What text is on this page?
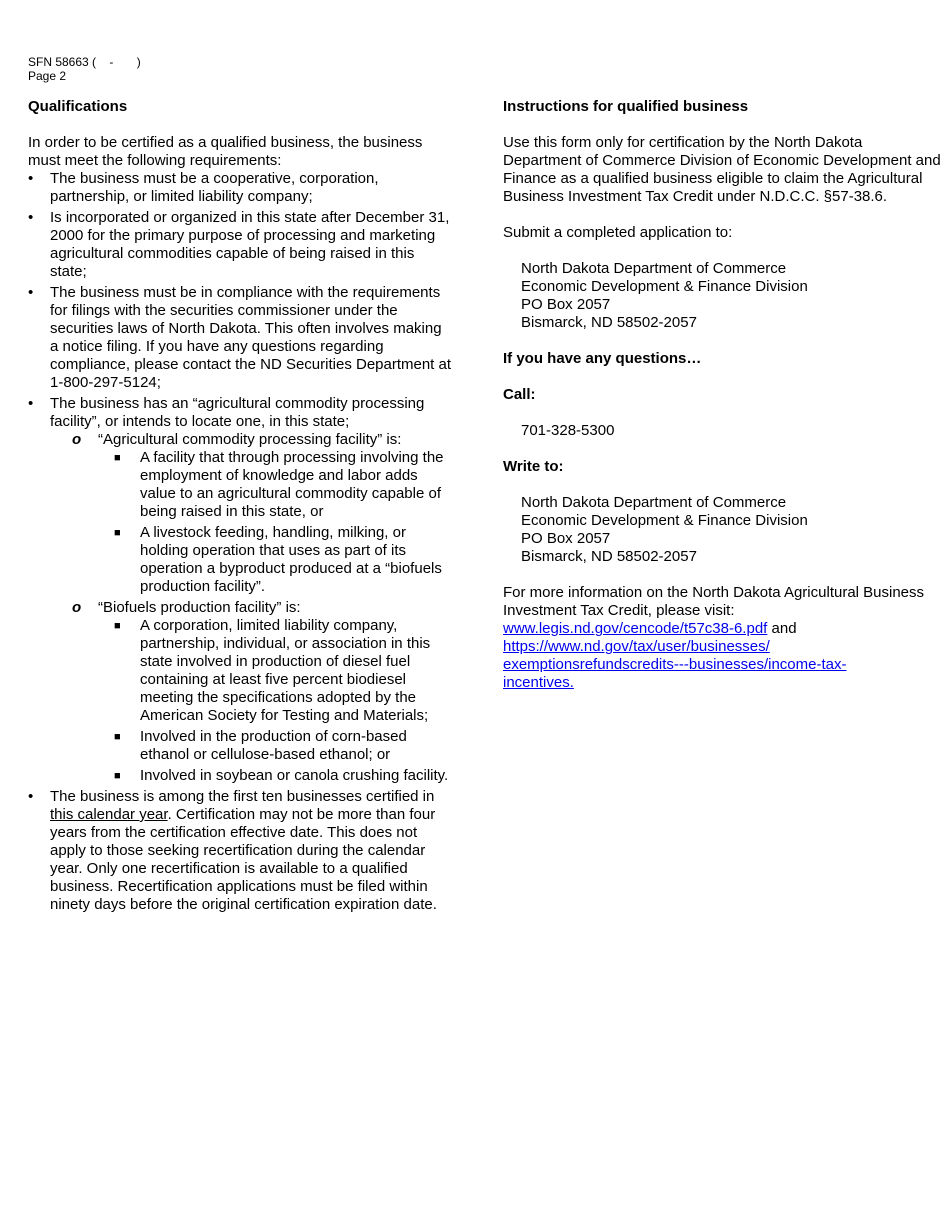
SFN 58663 (    -       )
Page 2
Qualifications

In order to be certified as a qualified business, the business must meet the following requirements:

•	The business must be a cooperative, corporation, partnership, or limited liability company;
•	Is incorporated or organized in this state after December 31, 2000 for the primary purpose of processing and marketing agricultural commodities capable of being raised in this state;
•	The business must be in compliance with the requirements for filings with the securities commissioner under the securities laws of North Dakota. This often involves making a notice filing. If you have any questions regarding compliance, please contact the ND Securities Department at 1-800-297-5124;
•	The business has an “agricultural commodity processing facility”, or intends to locate one, in this state;
o “Agricultural commodity processing facility” is:
■ A facility that through processing involving the employment of knowledge and labor adds value to an agricultural commodity capable of being raised in this state, or
■ A livestock feeding, handling, milking, or holding operation that uses as part of its operation a byproduct produced at a “biofuels production facility”.
o “Biofuels production facility” is:
■ A corporation, limited liability company, partnership, individual, or association in this state involved in production of diesel fuel containing at least five percent biodiesel meeting the specifications adopted by the American Society for Testing and Materials;
■ Involved in the production of corn-based ethanol or cellulose-based ethanol; or
■ Involved in soybean or canola crushing facility.
•	The business is among the first ten businesses certified in this calendar year. Certification may not be more than four years from the certification effective date. This does not apply to those seeking recertification during the calendar year. Only one recertification is available to a qualified business. Recertification applications must be filed within ninety days before the original certification expiration date.
Instructions for qualified business

Use this form only for certification by the North Dakota Department of Commerce Division of Economic Development and Finance as a qualified business eligible to claim the Agricultural Business Investment Tax Credit under N.D.C.C. §57-38.6.

Submit a completed application to:

North Dakota Department of Commerce
Economic Development & Finance Division
PO Box 2057
Bismarck, ND 58502-2057
If you have any questions…
Call:
701-328-5300
Write to:
North Dakota Department of Commerce
Economic Development & Finance Division
PO Box 2057
Bismarck, ND 58502-2057

For more information on the North Dakota Agricultural Business Investment Tax Credit, please visit:
www.legis.nd.gov/cencode/t57c38-6.pdf and
https://www.nd.gov/tax/user/businesses/
exemptionsrefundscredits---businesses/income-tax-
incentives.
